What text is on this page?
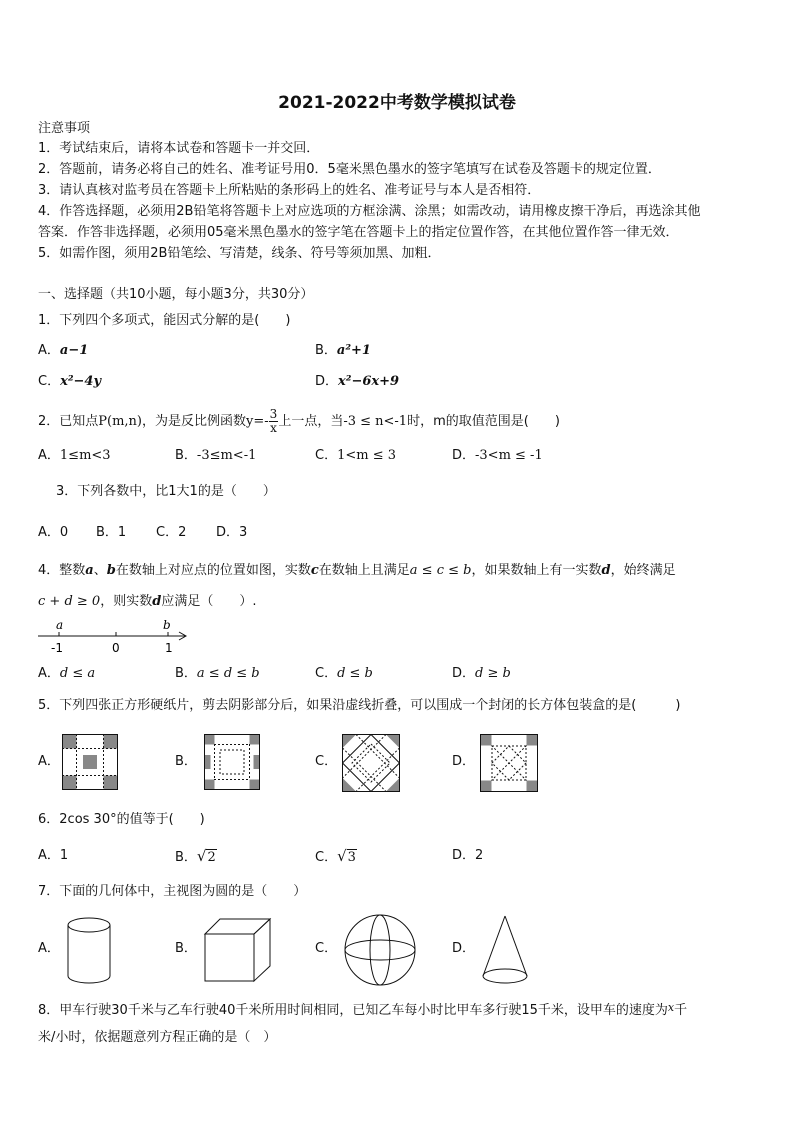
2021-2022中考数学模拟试卷
注意事项
1．考试结束后，请将本试卷和答题卡一并交回．
2．答题前，请务必将自己的姓名、准考证号用0．5毫米黑色墨水的签字笔填写在试卷及答题卡的规定位置．
3．请认真核对监考员在答题卡上所粘贴的条形码上的姓名、准考证号与本人是否相符．
4．作答选择题，必须用2B铅笔将答题卡上对应选项的方框涂满、涂黑；如需改动，请用橡皮擦干净后，再选涂其他
答案．作答非选择题，必须用05毫米黑色墨水的签字笔在答题卡上的指定位置作答，在其他位置作答一律无效．
5．如需作图，须用2B铅笔绘、写清楚，线条、符号等须加黑、加粗．
一、选择题（共10小题，每小题3分，共30分）
1．下列四个多项式，能因式分解的是(　　)
A．a−1	B．a²+1
C．x²−4y	D．x²−6x+9
2．已知点P(m,n)，为是反比例函数$y=- \frac{3}{x}$ 上一点，当-3 ≤ n<-1时，m的取值范围是(　　)
A．1≤m<3	B．-3≤m<-1	C．1<m ≤ 3	D．-3<m ≤ -1
3．下列各数中，比1大1的是（　　）
A．0 B．1 C．2 D．3
4．整数a、b在数轴上对应点的位置如图，实数c在数轴上且满足a ≤ c ≤ b，如果数轴上有一实数d，始终满足
c + d ≥ 0，则实数d应满足（　　）.
a	b
-1	0	1
A．d ≤ a	B．a ≤ d ≤ b	C．d ≤ b	D．d ≥ b
5．下列四张正方形硬纸片，剪去阴影部分后，如果沿虚线折叠，可以围成一个封闭的长方体包装盒的是(　　　)
A．	B．	C．	D．
6．2cos 30°的值等于(　　)
A．1	B．√2	C．√3	D．2
7．下面的几何体中，主视图为圆的是（　　）
A．	B．	C．	D．
8．甲车行驶30千米与乙车行驶40千米所用时间相同，已知乙车每小时比甲车多行驶15千米，设甲车的速度为$^x$千
米/小时，依据题意列方程正确的是（　）
